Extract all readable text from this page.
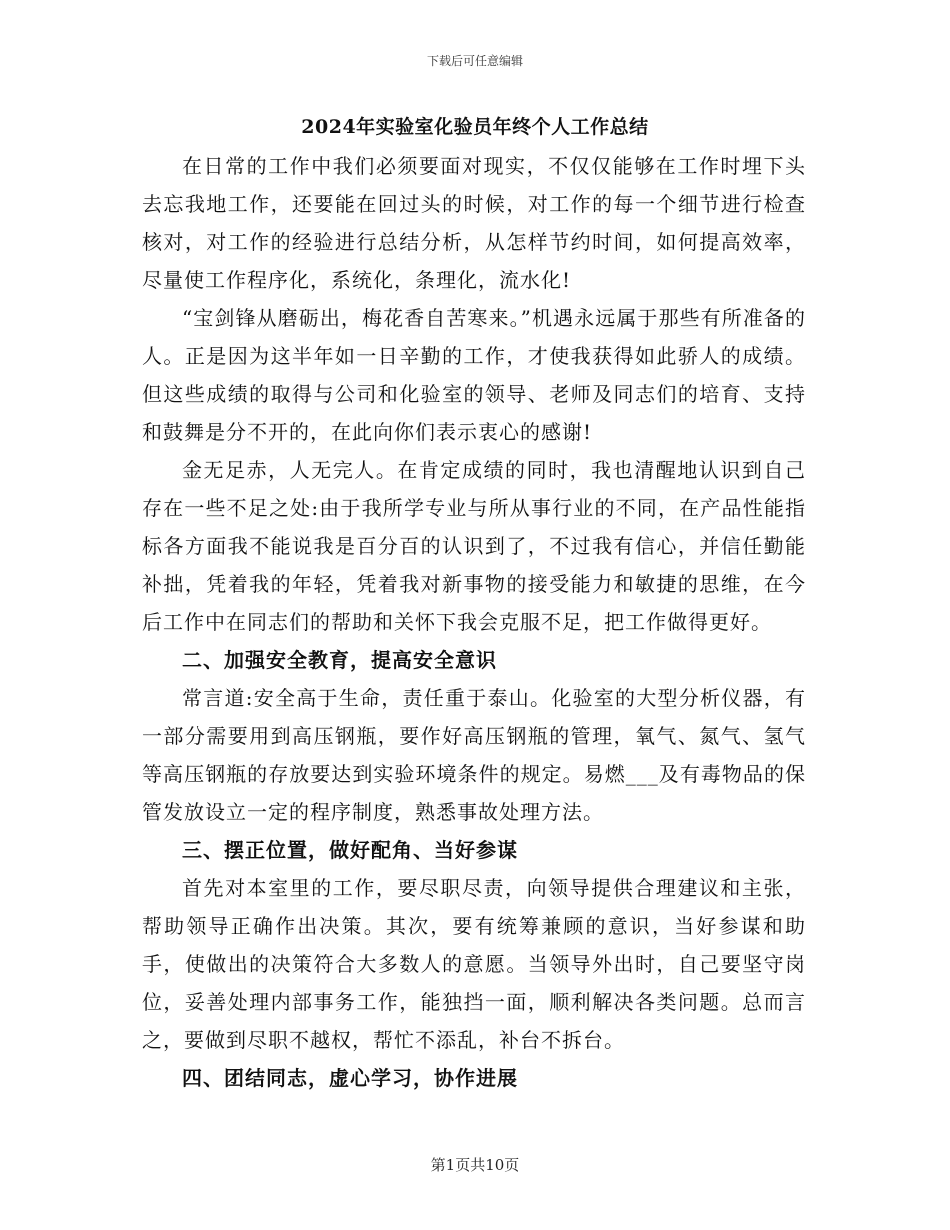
下载后可任意编辑
2024年实验室化验员年终个人工作总结

在日常的工作中我们必须要面对现实，不仅仅能够在工作时埋下头去忘我地工作，还要能在回过头的时候，对工作的每一个细节进行检查核对，对工作的经验进行总结分析，从怎样节约时间，如何提高效率，尽量使工作程序化，系统化，条理化，流水化!

“宝剑锋从磨砺出，梅花香自苦寒来。”机遇永远属于那些有所准备的人。正是因为这半年如一日辛勤的工作，才使我获得如此骄人的成绩。但这些成绩的取得与公司和化验室的领导、老师及同志们的培育、支持和鼓舞是分不开的，在此向你们表示衷心的感谢!

金无足赤，人无完人。在肯定成绩的同时，我也清醒地认识到自己存在一些不足之处:由于我所学专业与所从事行业的不同，在产品性能指标各方面我不能说我是百分百的认识到了，不过我有信心，并信任勤能补拙，凭着我的年轻，凭着我对新事物的接受能力和敏捷的思维，在今后工作中在同志们的帮助和关怀下我会克服不足，把工作做得更好。

二、加强安全教育，提高安全意识

常言道:安全高于生命，责任重于泰山。化验室的大型分析仪器，有一部分需要用到高压钢瓶，要作好高压钢瓶的管理，氧气、氮气、氢气等高压钢瓶的存放要达到实验环境条件的规定。易燃___及有毒物品的保管发放设立一定的程序制度，熟悉事故处理方法。

三、摆正位置，做好配角、当好参谋

首先对本室里的工作，要尽职尽责，向领导提供合理建议和主张，帮助领导正确作出决策。其次，要有统筹兼顾的意识，当好参谋和助手，使做出的决策符合大多数人的意愿。当领导外出时，自己要坚守岗位，妥善处理内部事务工作，能独挡一面，顺利解决各类问题。总而言之，要做到尽职不越权，帮忙不添乱，补台不拆台。

四、团结同志，虚心学习，协作进展
第1页共10页
